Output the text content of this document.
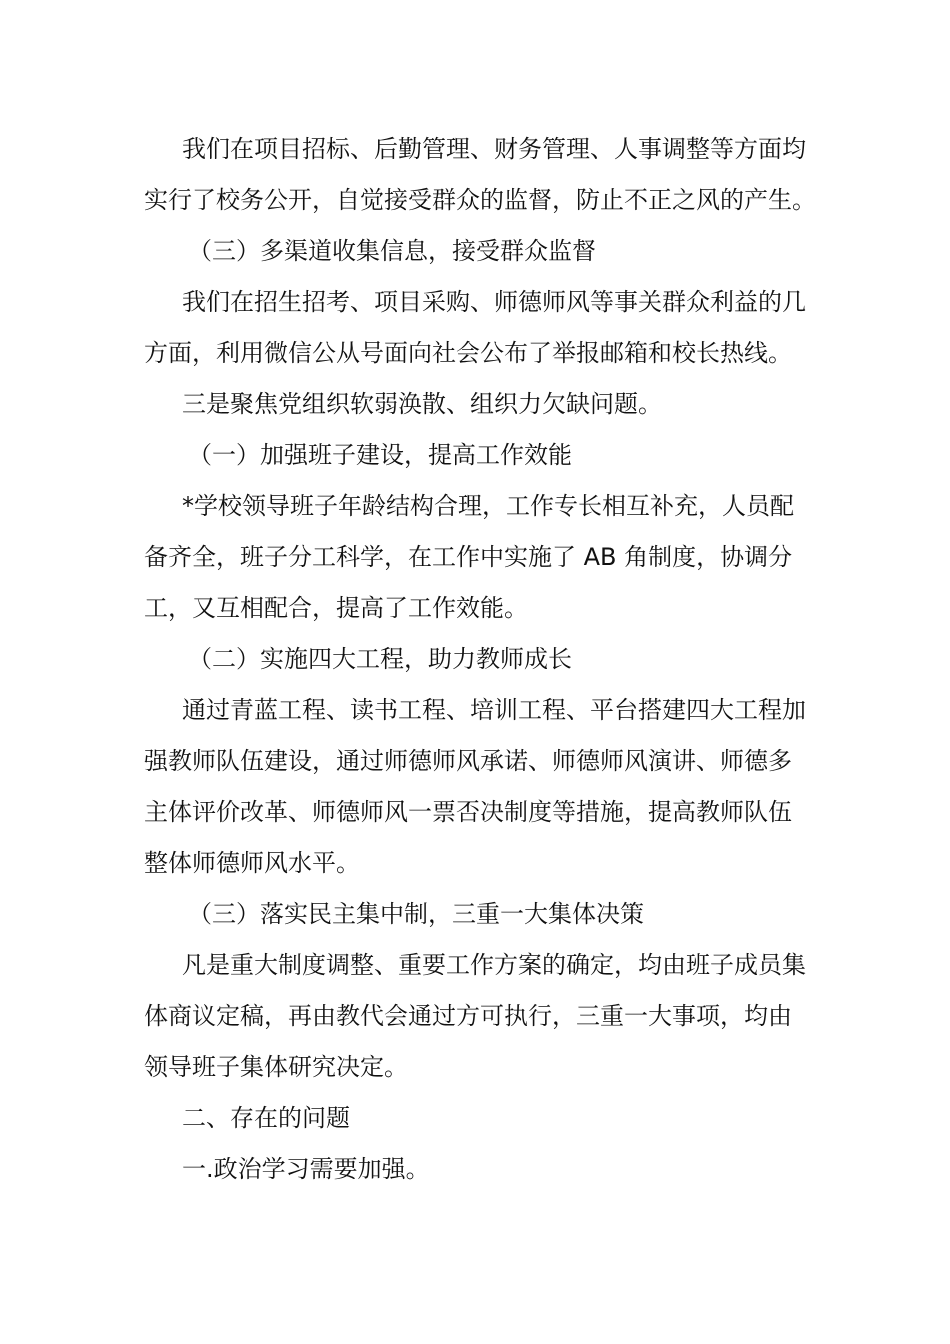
我们在项目招标、后勤管理、财务管理、人事调整等方面均
实行了校务公开，自觉接受群众的监督，防止不正之风的产生。
（三）多渠道收集信息，接受群众监督
我们在招生招考、项目采购、师德师风等事关群众利益的几
方面，利用微信公从号面向社会公布了举报邮箱和校长热线。
三是聚焦党组织软弱涣散、组织力欠缺问题。
（一）加强班子建设，提高工作效能
*学校领导班子年龄结构合理，工作专长相互补充，人员配
备齐全，班子分工科学，在工作中实施了 AB 角制度，协调分
工，又互相配合，提高了工作效能。
（二）实施四大工程，助力教师成长
通过青蓝工程、读书工程、培训工程、平台搭建四大工程加
强教师队伍建设，通过师德师风承诺、师德师风演讲、师德多
主体评价改革、师德师风一票否决制度等措施，提高教师队伍
整体师德师风水平。
（三）落实民主集中制，三重一大集体决策
凡是重大制度调整、重要工作方案的确定，均由班子成员集
体商议定稿，再由教代会通过方可执行，三重一大事项，均由
领导班子集体研究决定。
二、存在的问题
一.政治学习需要加强。
